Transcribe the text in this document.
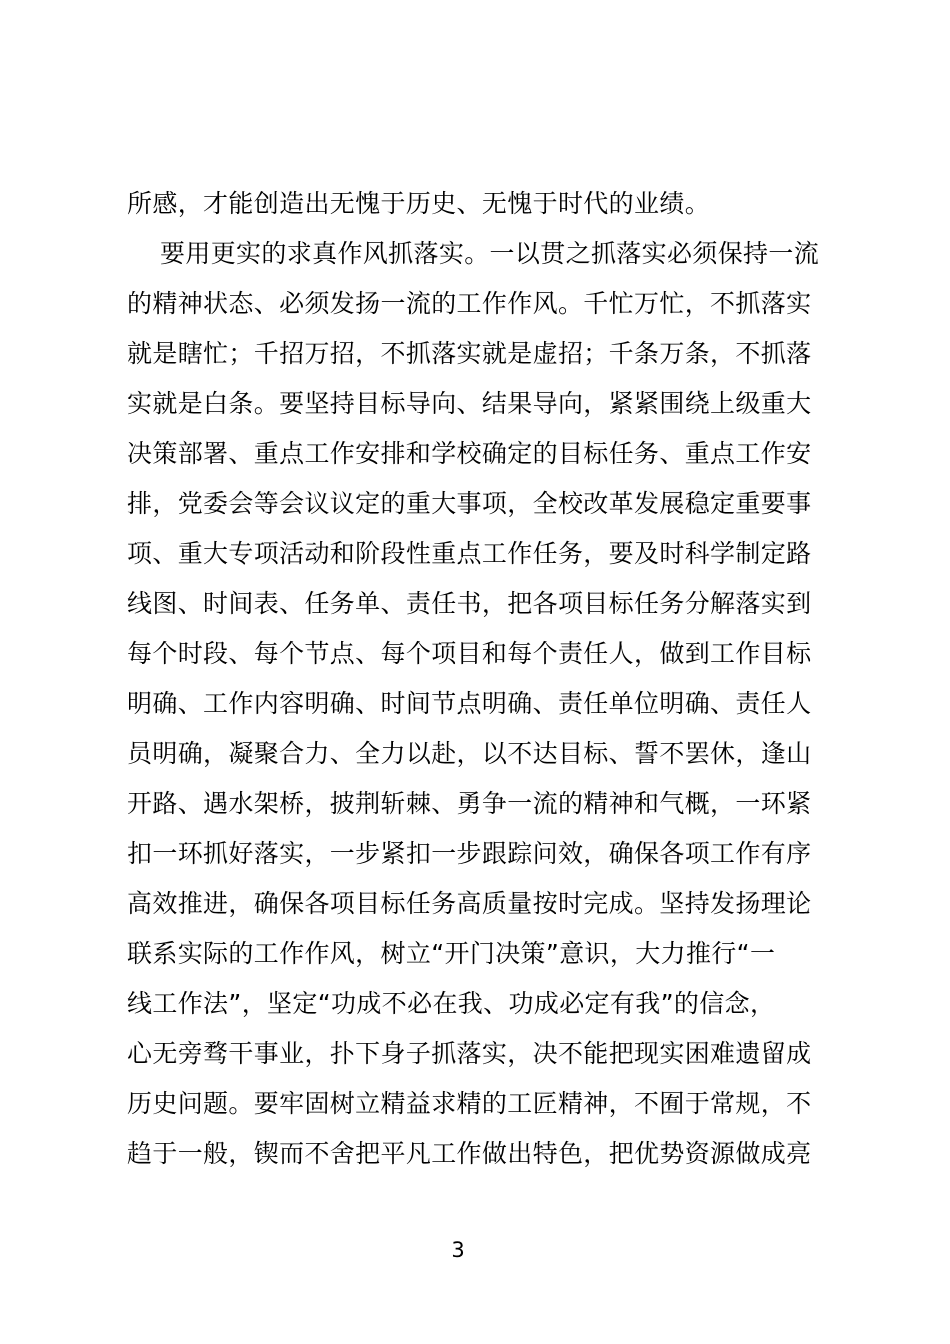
所感，才能创造出无愧于历史、无愧于时代的业绩。
要用更实的求真作风抓落实。一以贯之抓落实必须保持一流
的精神状态、必须发扬一流的工作作风。千忙万忙，不抓落实
就是瞎忙；千招万招，不抓落实就是虚招；千条万条，不抓落
实就是白条。要坚持目标导向、结果导向，紧紧围绕上级重大
决策部署、重点工作安排和学校确定的目标任务、重点工作安
排，党委会等会议议定的重大事项，全校改革发展稳定重要事
项、重大专项活动和阶段性重点工作任务，要及时科学制定路
线图、时间表、任务单、责任书，把各项目标任务分解落实到
每个时段、每个节点、每个项目和每个责任人，做到工作目标
明确、工作内容明确、时间节点明确、责任单位明确、责任人
员明确，凝聚合力、全力以赴，以不达目标、誓不罢休，逢山
开路、遇水架桥，披荆斩棘、勇争一流的精神和气概，一环紧
扣一环抓好落实，一步紧扣一步跟踪问效，确保各项工作有序
高效推进，确保各项目标任务高质量按时完成。坚持发扬理论
联系实际的工作作风，树立“开门决策”意识，大力推行“一
线工作法”，坚定“功成不必在我、功成必定有我”的信念，
心无旁骛干事业，扑下身子抓落实，决不能把现实困难遗留成
历史问题。要牢固树立精益求精的工匠精神，不囿于常规，不
趋于一般，锲而不舍把平凡工作做出特色，把优势资源做成亮
3
